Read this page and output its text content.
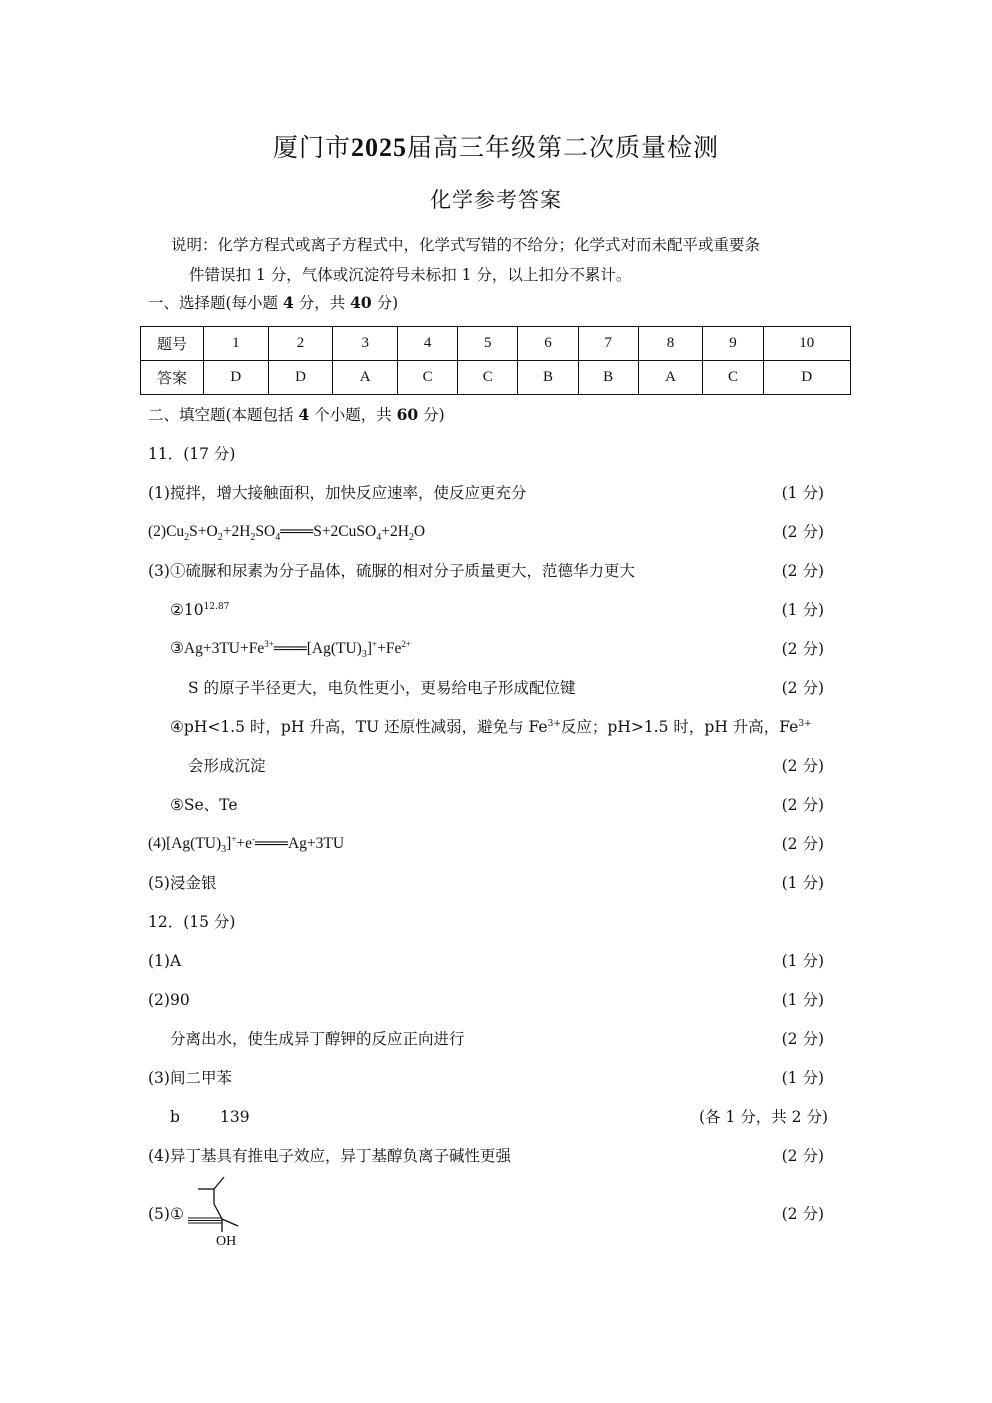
厦门市2025届高三年级第二次质量检测
化学参考答案
说明：化学方程式或离子方程式中，化学式写错的不给分；化学式对而未配平或重要条
件错误扣 1 分，气体或沉淀符号未标扣 1 分，以上扣分不累计。
一、选择题(每小题 4 分，共 40 分)
题号	1	2	3	4	5	6	7	8	9	10
答案	D	D	A	C	C	B	B	A	C	D
二、填空题(本题包括 4 个小题，共 60 分)
11．(17 分)
(1)搅拌，增大接触面积，加快反应速率，使反应更充分	(1 分)
$(2)Cu_2S+O_2+2H_2SO_4═══S+2CuSO_4+2H_2O$	(2 分)
(3)①硫脲和尿素为分子晶体，硫脲的相对分子质量更大，范德华力更大	(2 分)
$②10^{12.87}$	(1 分)
$③Ag+3TU+Fe^{3+}═══[Ag(TU)_3]^++Fe^{2+}$	(2 分)
S 的原子半径更大，电负性更小，更易给电子形成配位键	(2 分)
④pH<1.5 时，pH 升高，TU 还原性减弱，避免与 $Fe^{3+}$反应；pH>1.5 时，pH 升高，$Fe^{3+}$
会形成沉淀	(2 分)
⑤Se、Te	(2 分)
$(4)[Ag(TU)_3]^++e^-═══Ag+3TU$	(2 分)
(5)浸金银	(1 分)
12．(15 分)
(1)A	(1 分)
(2)90	(1 分)
分离出水，使生成异丁醇钾的反应正向进行	(2 分)
(3)间二甲苯	(1 分)
b	139	(各 1 分，共 2 分)
(4)异丁基具有推电子效应，异丁基醇负离子碱性更强	(2 分)
(5)①	(2 分)
OH
